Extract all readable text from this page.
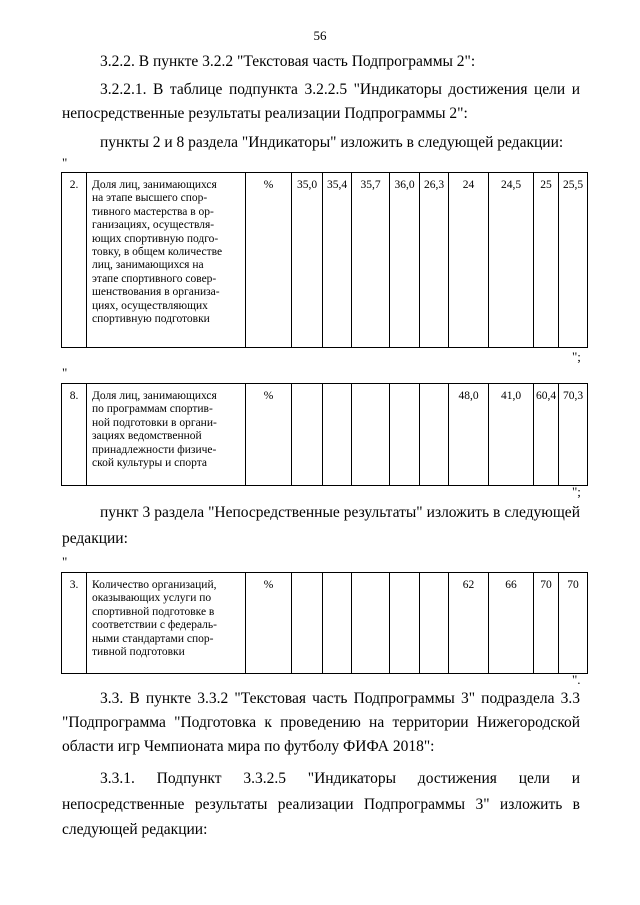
56
3.2.2. В пункте 3.2.2 "Текстовая часть Подпрограммы 2":
3.2.2.1. В таблице подпункта 3.2.2.5 "Индикаторы достижения цели и
непосредственные результаты реализации Подпрограммы 2":
пункты 2 и 8 раздела "Индикаторы" изложить в следующей редакции:
"
2.	Доля лиц, занимающихся
на этапе высшего спор-
тивного мастерства в ор-
ганизациях, осуществля-
ющих спортивную подго-
товку, в общем количестве
лиц, занимающихся на
этапе спортивного совер-
шенствования в организа-
циях, осуществляющих
спортивную подготовки
	%	35,0	35,4	35,7	36,0	26,3	24	24,5	25	25,5
";
"
8.	Доля лиц, занимающихся
по программам спортив-
ной подготовки в органи-
зациях ведомственной
принадлежности физиче-
ской культуры и спорта
	%						48,0	41,0	60,4	70,3
";
пункт 3 раздела "Непосредственные результаты" изложить в следующей
редакции:
"
3.	Количество организаций,
оказывающих услуги по
спортивной подготовке в
соответствии с федераль-
ными стандартами спор-
тивной подготовки
	%						62	66	70	70
".
3.3. В пункте 3.3.2 "Текстовая часть Подпрограммы 3" подраздела 3.3
"Подпрограмма "Подготовка к проведению на территории Нижегородской
области игр Чемпионата мира по футболу ФИФА 2018":
3.3.1. Подпункт 3.3.2.5 "Индикаторы достижения цели и
непосредственные результаты реализации Подпрограммы 3" изложить в
следующей редакции:
